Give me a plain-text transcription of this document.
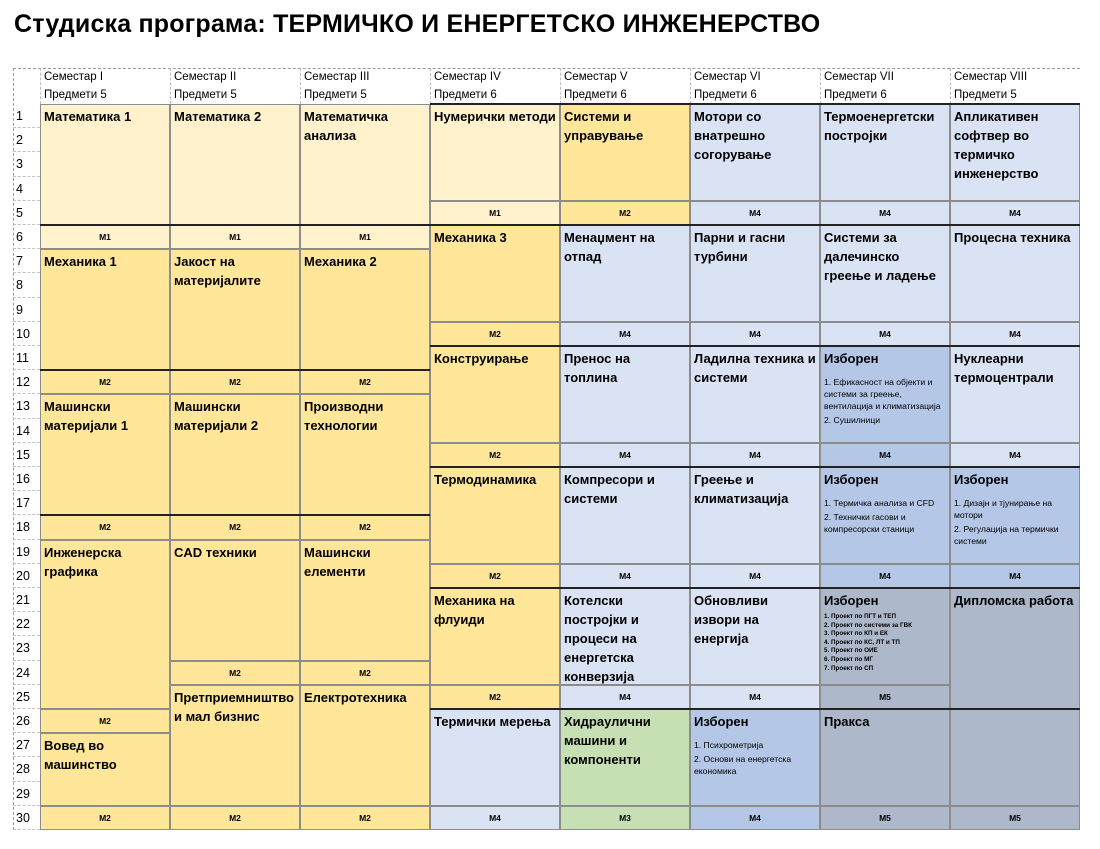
Студиска програма: ТЕРМИЧКО И ЕНЕРГЕТСКО ИНЖЕНЕРСТВО
1
2
3
4
5
6
7
8
9
10
11
12
13
14
15
16
17
18
19
20
21
22
23
24
25
26
27
28
29
30
Семестар I
Предмети 5
Математика 1
M1
Механика 1
M2
Машински материјали 1
M2
Инженерска графика
M2
Вовед во машинство
M2
Семестар II
Предмети 5
Математика 2
M1
Јакост на материјалите
M2
Машински материјали 2
M2
CAD техники
M2
Претприемништво и мал бизнис
M2
Семестар III
Предмети 5
Математичка анализа
M1
Механика 2
M2
Производни технологии
M2
Машински елементи
M2
Електротехника
M2
Семестар IV
Предмети 6
Нумерички методи
M1
Механика 3
M2
Конструирање
M2
Термодинамика
M2
Механика на флуиди
M2
Термички мерења
M4
Семестар V
Предмети 6
Системи и управување
M2
Менаџмент на отпад
M4
Пренос на топлина
M4
Компресори и системи
M4
Котелски постројки и процеси на енергетска конверзија
M4
Хидраулични машини и компоненти
M3
Семестар VI
Предмети 6
Мотори со внатрешно согорување
M4
Парни и гасни турбини
M4
Ладилна техника и системи
M4
Греење и климатизација
M4
Обновливи извори на енергија
M4
Изборен
1. Психрометрија
2. Основи на енергетска економика
M4
Семестар VII
Предмети 6
Термоенергетски постројки
M4
Системи за далечинско греење и ладење
M4
Изборен
1. Ефикасност на објекти и системи за греење, вентилација и климатизација
2. Сушилници
M4
Изборен
1. Термичка анализа и CFD
2. Технички гасови и компресорски станици
M4
Изборен
1. Проект по ПГТ и ТЕП
2. Проект по системи за ГВК
3. Проект по КП и ЕК
4. Проект по КС, ЛТ и ТП
5. Проект по ОИЕ
6. Проект по МГ
7. Проект по СП
M5
Пракса
M5
Семестар VIII
Предмети 5
Апликативен софтвер во термичко инженерство
M4
Процесна техника
M4
Нуклеарни термоцентрали
M4
Изборен
1. Дизајн и тјунирање на мотори
2. Регулација на термички системи
M4
Дипломска работа
M5
